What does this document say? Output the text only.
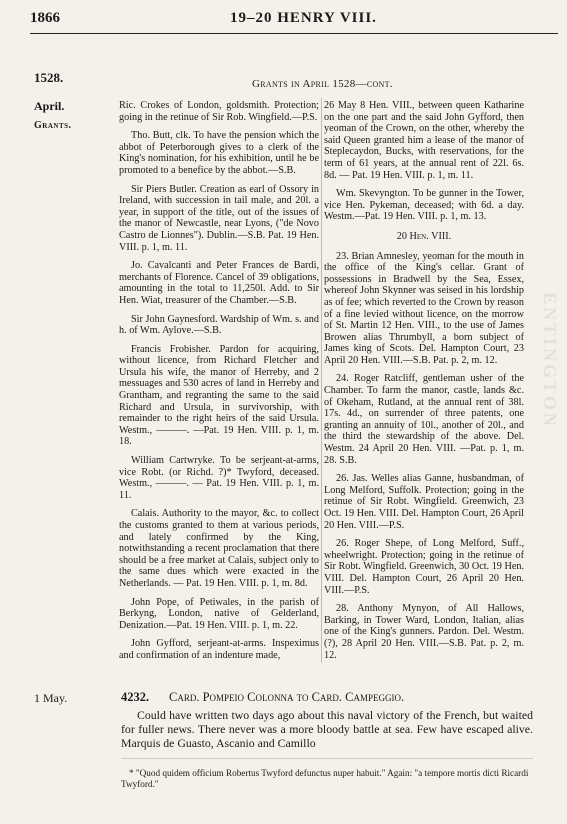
1866	19–20 HENRY VIII.
1528.	Grants in April 1528—cont.
April.
Grants.

Ric. Crokes of London, goldsmith. Protection; going in the retinue of Sir Rob. Wingfield.—P.S.

Tho. Butt, clk. To have the pension which the abbot of Peterborough gives to a clerk of the King's nomination, for his exhibition, until he be promoted to a benefice by the abbot.—S.B.

Sir Piers Butler. Creation as earl of Ossory in Ireland, with succession in tail male, and 20l. a year, in support of the title, out of the issues of the manor of Newcastle, near Lyons, ("de Novo Castro de Lionnes"). Dublin.—S.B. Pat. 19 Hen. VIII. p. 1, m. 11.

Jo. Cavalcanti and Peter Frances de Bardi, merchants of Florence. Cancel of 39 obligations, amounting in the total to 11,250l. Add. to Sir Hen. Wiat, treasurer of the Chamber.—S.B.

Sir John Gaynesford. Wardship of Wm. s. and h. of Wm. Aylove.—S.B.

Francis Frobisher. Pardon for acquiring, without licence, from Richard Fletcher and Ursula his wife, the manor of Herreby, and 2 messuages and 530 acres of land in Herreby and Grantham, and regranting the same to the said Richard and Ursula, in survivorship, with remainder to the right heirs of the said Ursula. Westm., ———. —Pat. 19 Hen. VIII. p. 1, m. 18.

William Cartwryke. To be serjeant-at-arms, vice Robt. (or Richd. ?)* Twyford, deceased. Westm., ———. — Pat. 19 Hen. VIII. p. 1, m. 11.

Calais. Authority to the mayor, &c. to collect the customs granted to them at various periods, and lately confirmed by the King, notwithstanding a recent proclamation that there should be a free market at Calais, subject only to the same dues which were exacted in the Netherlands. — Pat. 19 Hen. VIII. p. 1, m. 8d.

John Pope, of Petiwales, in the parish of Berkyng, London, native of Gelderland, Denization.—Pat. 19 Hen. VIII. p. 1, m. 22.

John Gyfford, serjeant-at-arms. Inspeximus and confirmation of an indenture made,

26 May 8 Hen. VIII., between queen Katharine on the one part and the said John Gyfford, then yeoman of the Crown, on the other, whereby the said Queen granted him a lease of the manor of Steplecaydon, Bucks, with reservations, for the term of 61 years, at the annual rent of 22l. 6s. 8d. — Pat. 19 Hen. VIII. p. 1, m. 11.

Wm. Skevyngton. To be gunner in the Tower, vice Hen. Pykeman, deceased; with 6d. a day. Westm.—Pat. 19 Hen. VIII. p. 1, m. 13.

20 Hen. VIII.

23. Brian Amnesley, yeoman for the mouth in the office of the King's cellar. Grant of possessions in Bradwell by the Sea, Essex, whereof John Skynner was seised in his lordship as of fee; which reverted to the Crown by reason of a fine levied without licence, on the morrow of St. Martin 12 Hen. VIII., to the use of James Browen alias Thrumbyll, a born subject of James king of Scots. Del. Hampton Court, 23 April 20 Hen. VIII.—S.B. Pat. p. 2, m. 12.

24. Roger Ratcliff, gentleman usher of the Chamber. To farm the manor, castle, lands &c. of Okeham, Rutland, at the annual rent of 38l. 17s. 4d., on surrender of three patents, one granting an annuity of 10l., another of 20l., and the third the stewardship of the above. Del. Westm. 24 April 20 Hen. VIII. —Pat. p. 1, m. 28. S.B.

26. Jas. Welles alias Ganne, husbandman, of Long Melford, Suffolk. Protection; going in the retinue of Sir Robt. Wingfield. Greenwich, 23 Oct. 19 Hen. VIII. Del. Hampton Court, 26 April 20 Hen. VIII.—P.S.

26. Roger Shepe, of Long Melford, Suff., wheelwright. Protection; going in the retinue of Sir Robt. Wingfield. Greenwich, 30 Oct. 19 Hen. VIII. Del. Hampton Court, 26 April 20 Hen. VIII.—P.S.

28. Anthony Mynyon, of All Hallows, Barking, in Tower Ward, London, Italian, alias one of the King's gunners. Pardon. Del. Westm. (?), 28 April 20 Hen. VIII.—S.B. Pat. p. 2, m. 12.

ENTINGTON
1 May.	4232. Card. Pompeio Colonna to Card. Campeggio.

Could have written two days ago about this naval victory of the French, but waited for fuller news. There never was a more bloody battle at sea. Few have escaped alive. Marquis de Guasto, Ascanio and Camillo

* "Quod quidem officium Robertus Twyford defunctus nuper habuit." Again: "a tempore mortis dicti Ricardi Twyford."
